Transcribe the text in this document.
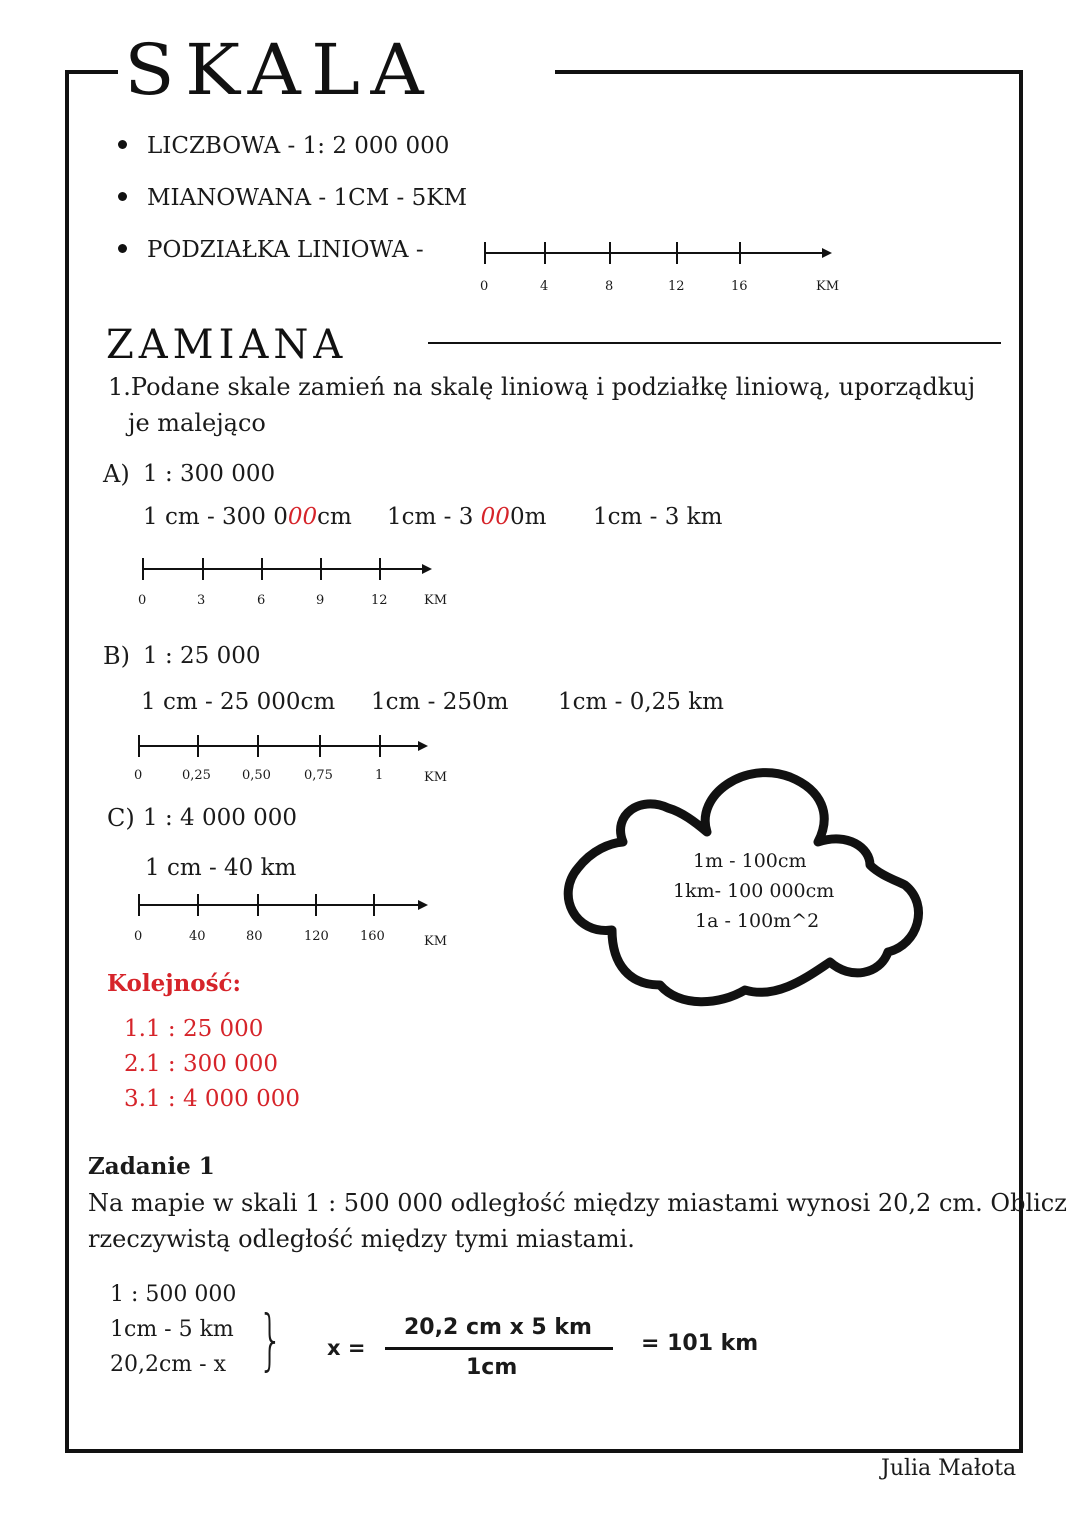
SKALA
LICZBOWA - 1: 2 000 000
MIANOWANA - 1CM - 5KM
PODZIAŁKA LINIOWA -
0	4	8	12	16	KM
ZAMIANA
1.Podane skale zamień na skalę liniową i podziałkę liniową, uporządkuj
je malejąco
A) 1 : 300 000
1 cm - 300 000cm 1cm - 3 000m 1cm - 3 km
0	3	6	9	12	KM
B) 1 : 25 000
1 cm - 25 000cm 1cm - 250m 1cm - 0,25 km
0	0,25 0,50	0,75	1	KM
C) 1 : 4 000 000
1 cm - 40 km
0	40	80	120 160	KM
1m - 100cm
1km- 100 000cm
1a - 100m^2
Kolejność:
1.1 : 25 000
2.1 : 300 000
3.1 : 4 000 000
Zadanie 1
Na mapie w skali 1 : 500 000 odległość między miastami wynosi 20,2 cm. Oblicz
rzeczywistą odległość między tymi miastami.
1 : 500 000
1cm - 5 km
20,2cm - x } x =
20,2 cm x 5 km
1cm
= 101 km
Julia Małota
